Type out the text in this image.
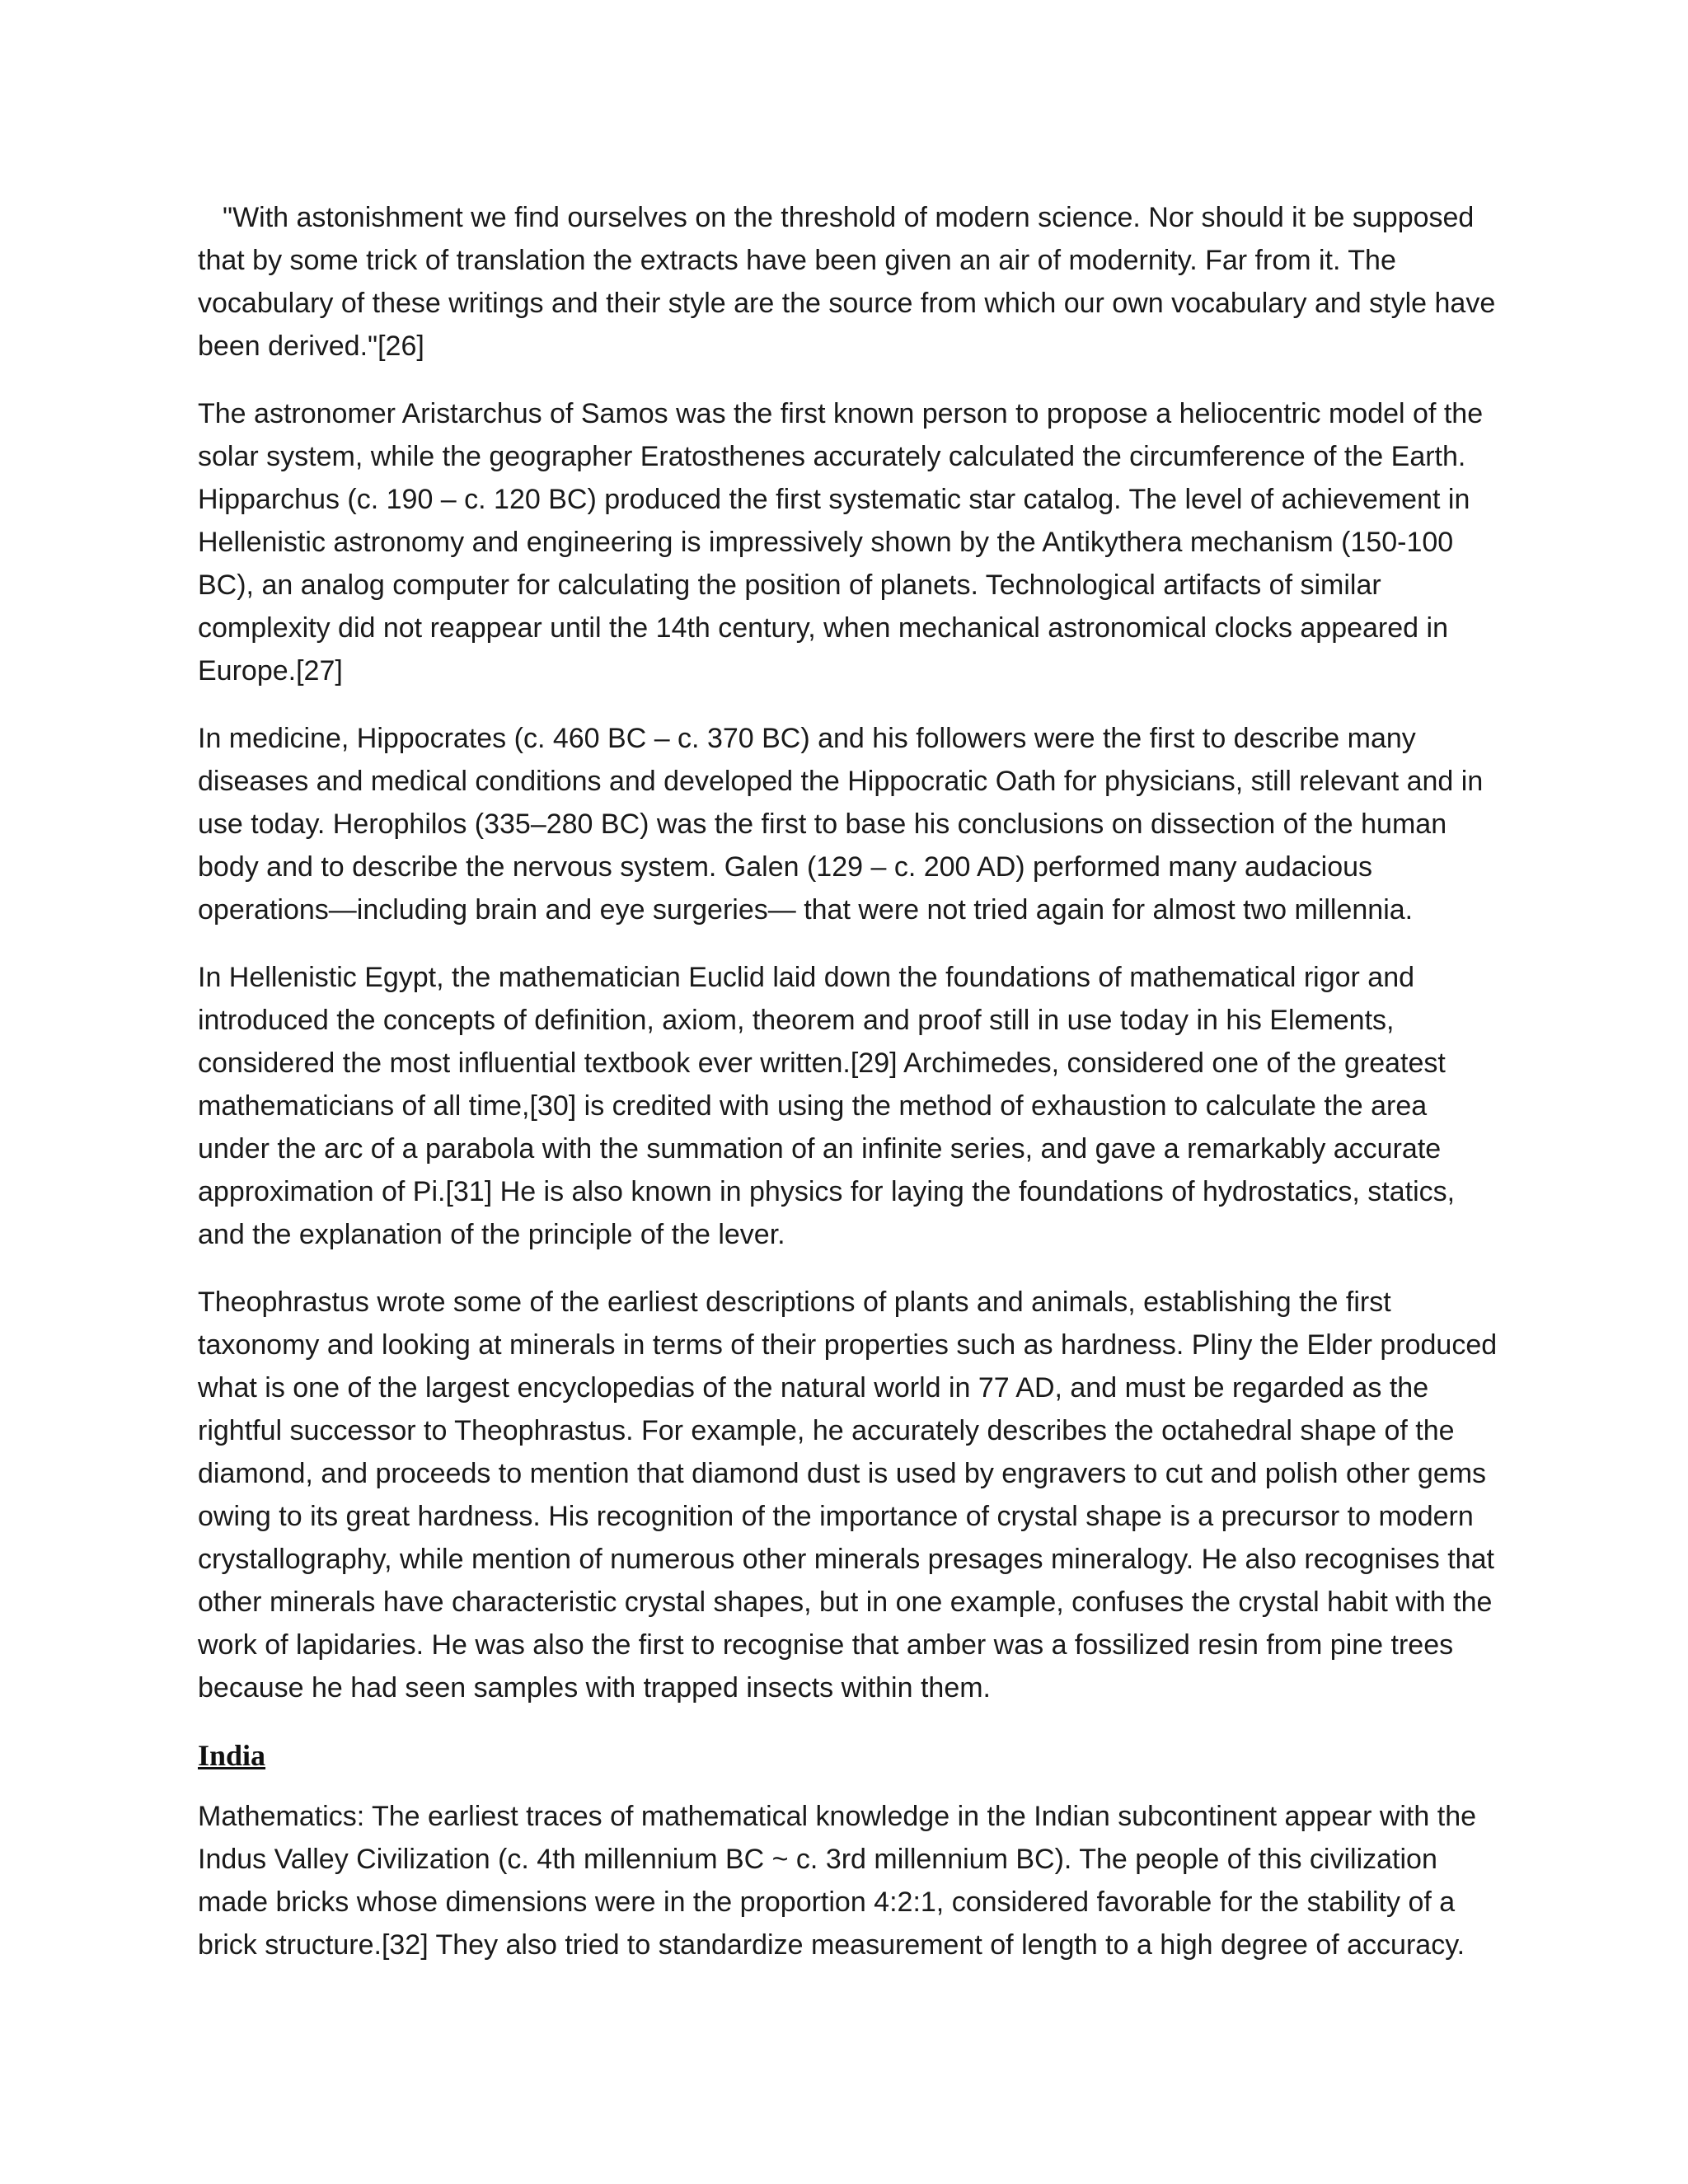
"With astonishment we find ourselves on the threshold of modern science. Nor should it be supposed that by some trick of translation the extracts have been given an air of modernity. Far from it. The vocabulary of these writings and their style are the source from which our own vocabulary and style have been derived."[26]

The astronomer Aristarchus of Samos was the first known person to propose a heliocentric model of the solar system, while the geographer Eratosthenes accurately calculated the circumference of the Earth. Hipparchus (c. 190 – c. 120 BC) produced the first systematic star catalog. The level of achievement in Hellenistic astronomy and engineering is impressively shown by the Antikythera mechanism (150-100 BC), an analog computer for calculating the position of planets. Technological artifacts of similar complexity did not reappear until the 14th century, when mechanical astronomical clocks appeared in Europe.[27]

In medicine, Hippocrates (c. 460 BC – c. 370 BC) and his followers were the first to describe many diseases and medical conditions and developed the Hippocratic Oath for physicians, still relevant and in use today. Herophilos (335–280 BC) was the first to base his conclusions on dissection of the human body and to describe the nervous system. Galen (129 – c. 200 AD) performed many audacious operations—including brain and eye surgeries— that were not tried again for almost two millennia.

In Hellenistic Egypt, the mathematician Euclid laid down the foundations of mathematical rigor and introduced the concepts of definition, axiom, theorem and proof still in use today in his Elements, considered the most influential textbook ever written.[29] Archimedes, considered one of the greatest mathematicians of all time,[30] is credited with using the method of exhaustion to calculate the area under the arc of a parabola with the summation of an infinite series, and gave a remarkably accurate approximation of Pi.[31] He is also known in physics for laying the foundations of hydrostatics, statics, and the explanation of the principle of the lever.

Theophrastus wrote some of the earliest descriptions of plants and animals, establishing the first taxonomy and looking at minerals in terms of their properties such as hardness. Pliny the Elder produced what is one of the largest encyclopedias of the natural world in 77 AD, and must be regarded as the rightful successor to Theophrastus. For example, he accurately describes the octahedral shape of the diamond, and proceeds to mention that diamond dust is used by engravers to cut and polish other gems owing to its great hardness. His recognition of the importance of crystal shape is a precursor to modern crystallography, while mention of numerous other minerals presages mineralogy. He also recognises that other minerals have characteristic crystal shapes, but in one example, confuses the crystal habit with the work of lapidaries. He was also the first to recognise that amber was a fossilized resin from pine trees because he had seen samples with trapped insects within them.

India

Mathematics: The earliest traces of mathematical knowledge in the Indian subcontinent appear with the Indus Valley Civilization (c. 4th millennium BC ~ c. 3rd millennium BC). The people of this civilization made bricks whose dimensions were in the proportion 4:2:1, considered favorable for the stability of a brick structure.[32] They also tried to standardize measurement of length to a high degree of accuracy.
